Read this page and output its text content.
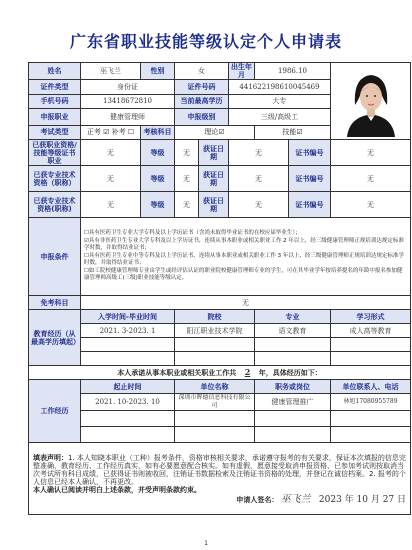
广东省职业技能等级认定个人申请表
姓名	巫飞兰	性别	女		出生年月	1986.10	
证件类型	身份证		证件号码		441622198610045469			
手机号码	13418672810		当前最高学历		大专			
申报职业	健康管理师		申报级别		三级/高级工			
考试类型	正考 ☑ 补考 ☐	考核科目	理论☑			技能☑		
已获职业资格/技能等级证书职业	无	等级	无	获证日期	无		证书编号	无
已获专业技术资格（职称）	无	等级	无	获证日期	无		证书编号	无
已获专业技术资格(职称)	无	等级	无	获证日期	无		证书编号	无
申报条件	☐具有医药卫生专业大学专科及以上学历证书（含尚未取得毕业证书的在校应届毕业生）；
☑具有非医药卫生专业大学专科及以上学历证书，连续从事本职业或相关职业工作 2 年以上，经三级健康管理师正规培训达规定标准学时数，并取得结业证书；
☐具有医药卫生专业中等专科及以上学历证书，连续从事本职业或相关职业工作 3 年以上，经三级健康管理师正规培训达规定标准学时数，并取得结业证书；
☐如工院校健康管理师专业由学生或经评估认证的职业院校健康管理师专业的学生，可在其毕业学年按培养提名的年龄中报名参加健康管理师高级工(三级)职业技能等级认定。							

免考科目	无							
教育经历（从最高学历填起）	入学时间-毕业时间		院校			专业		学习形式
	2021. 3-2023. 1		阳江职业技术学院			语文教育		成人高等教育

本人承诺从事本职业或相关职业工作共 2 年，具体经历如下：								
工作经历	起止时间		单位名称			职务或岗位		单位联系人、电话
	2021. 10-2023. 10		深圳市晖德信息科技有限公司			健康管理推广		林旭17080955789

填表声明：1. 本人知晓本职业（工种）报考条件，资格审核相关要求，承诺遵守报考的有关要求，保证本次填报的信息完整准确，教育经历、工作经历真实，如有必要愿意配合核实。如有虚假，愿意接受取消申报资格、已参加考试则按取消当次考试所有科目成绩，已获得证书则被收回，注销证书数据检索及注销证书资格的处理，并登记在诚信档案。2. 报考的个人信息已经本人确认，不再更改。
本人确认已阅读并明白上述条款，并受声明条款约束。
申请人签名： 巫飞兰 2023 年 10 月 27 日								
1
